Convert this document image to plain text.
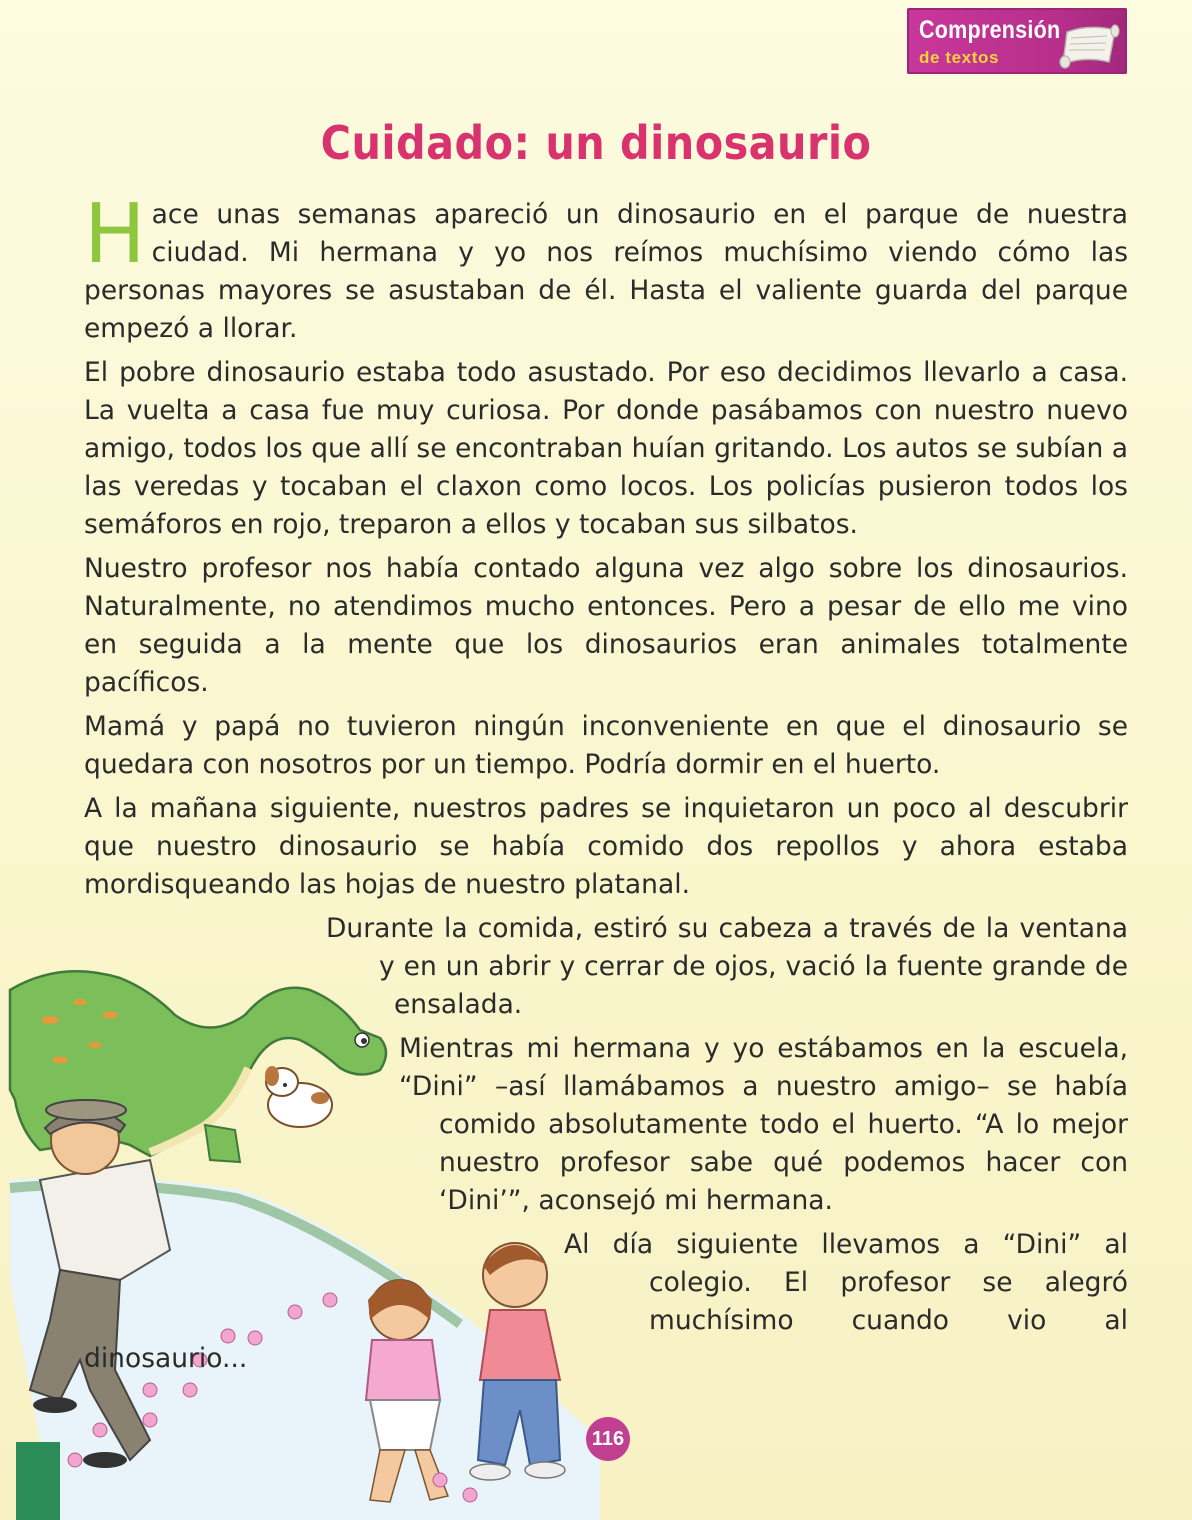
Comprensión
de textos
Cuidado: un dinosaurio

Hace unas semanas apareció un dinosaurio en el parque de nuestra ciudad. Mi hermana y yo nos reímos muchísimo viendo cómo las personas mayores se asustaban de él. Hasta el valiente guarda del parque empezó a llorar.

El pobre dinosaurio estaba todo asustado. Por eso decidimos llevarlo a casa. La vuelta a casa fue muy curiosa. Por donde pasábamos con nuestro nuevo amigo, todos los que allí se encontraban huían gritando. Los autos se subían a las veredas y tocaban el claxon como locos. Los policías pusieron todos los semáforos en rojo, treparon a ellos y tocaban sus silbatos.

Nuestro profesor nos había contado alguna vez algo sobre los dinosaurios. Naturalmente, no atendimos mucho entonces. Pero a pesar de ello me vino en seguida a la mente que los dinosaurios eran animales totalmente pacíficos.

Mamá y papá no tuvieron ningún inconveniente en que el dinosaurio se quedara con nosotros por un tiempo. Podría dormir en el huerto.

A la mañana siguiente, nuestros padres se inquietaron un poco al descubrir que nuestro dinosaurio se había comido dos repollos y ahora estaba mordisqueando las hojas de nuestro platanal.

Durante la comida, estiró su cabeza a través de la ventana y en un abrir y cerrar de ojos, vació la fuente grande de ensalada.

Mientras mi hermana y yo estábamos en la escuela, “Dini” –así llamábamos a nuestro amigo– se había comido absolutamente todo el huerto. “A lo mejor nuestro profesor sabe qué podemos hacer con ‘Dini’”, aconsejó mi hermana.

Al día siguiente llevamos a “Dini” al colegio. El profesor se alegró muchísimo cuando vio al dinosaurio...

116
